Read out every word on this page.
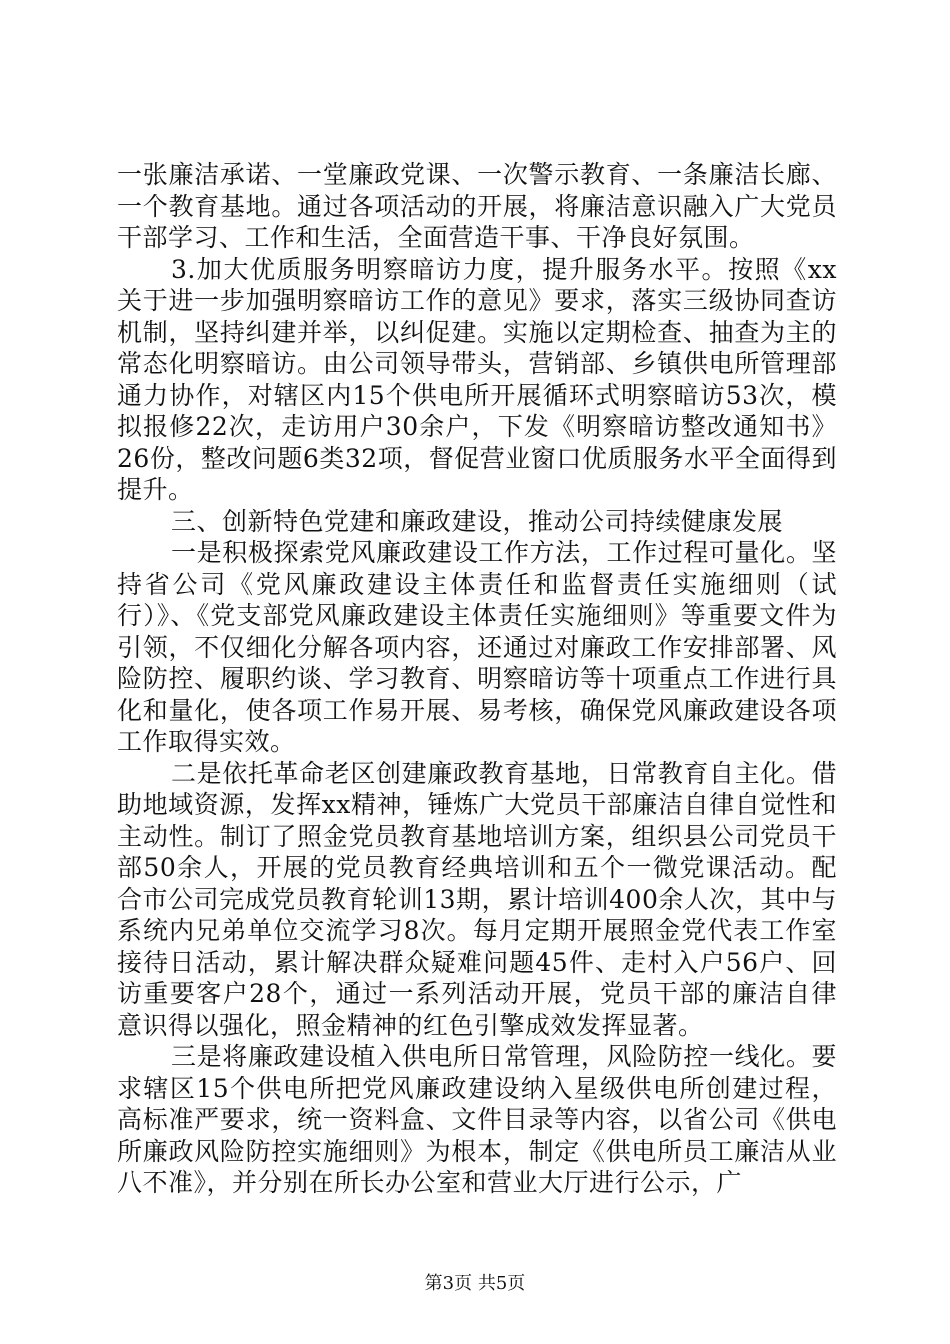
一张廉洁承诺、一堂廉政党课、一次警示教育、一条廉洁长廊、一个教育基地。通过各项活动的开展，将廉洁意识融入广大党员干部学习、工作和生活，全面营造干事、干净良好氛围。

3.加大优质服务明察暗访力度，提升服务水平。按照《xx关于进一步加强明察暗访工作的意见》要求，落实三级协同查访机制，坚持纠建并举，以纠促建。实施以定期检查、抽查为主的常态化明察暗访。由公司领导带头，营销部、乡镇供电所管理部通力协作，对辖区内15个供电所开展循环式明察暗访53次，模拟报修22次，走访用户30余户，下发《明察暗访整改通知书》26份，整改问题6类32项，督促营业窗口优质服务水平全面得到提升。

三、创新特色党建和廉政建设，推动公司持续健康发展

一是积极探索党风廉政建设工作方法，工作过程可量化。坚持省公司《党风廉政建设主体责任和监督责任实施细则（试行）》、《党支部党风廉政建设主体责任实施细则》等重要文件为引领，不仅细化分解各项内容，还通过对廉政工作安排部署、风险防控、履职约谈、学习教育、明察暗访等十项重点工作进行具化和量化，使各项工作易开展、易考核，确保党风廉政建设各项工作取得实效。

二是依托革命老区创建廉政教育基地，日常教育自主化。借助地域资源，发挥xx精神，锤炼广大党员干部廉洁自律自觉性和主动性。制订了照金党员教育基地培训方案，组织县公司党员干部50余人，开展的党员教育经典培训和五个一微党课活动。配合市公司完成党员教育轮训13期，累计培训400余人次，其中与系统内兄弟单位交流学习8次。每月定期开展照金党代表工作室接待日活动，累计解决群众疑难问题45件、走村入户56户、回访重要客户28个，通过一系列活动开展，党员干部的廉洁自律意识得以强化，照金精神的红色引擎成效发挥显著。

三是将廉政建设植入供电所日常管理，风险防控一线化。要求辖区15个供电所把党风廉政建设纳入星级供电所创建过程，高标准严要求，统一资料盒、文件目录等内容，以省公司《供电所廉政风险防控实施细则》为根本，制定《供电所员工廉洁从业八不准》，并分别在所长办公室和营业大厅进行公示，广

第3页 共5页
